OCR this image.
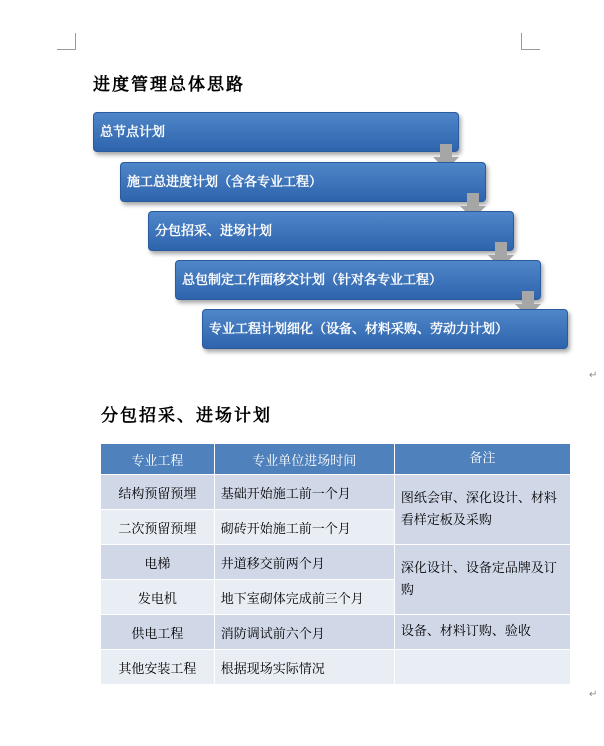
进度管理总体思路
总节点计划
施工总进度计划（含各专业工程）
分包招采、进场计划
总包制定工作面移交计划（针对各专业工程）
专业工程计划细化（设备、材料采购、劳动力计划）
↵
分包招采、进场计划
专业工程	专业单位进场时间	备注
结构预留预埋	基础开始施工前一个月	图纸会审、深化设计、材料看样定板及采购
二次预留预埋	砌砖开始施工前一个月	
电梯	井道移交前两个月	深化设计、设备定品牌及订购
发电机	地下室砌体完成前三个月	
供电工程	消防调试前六个月	设备、材料订购、验收
其他安装工程	根据现场实际情况	
↵
